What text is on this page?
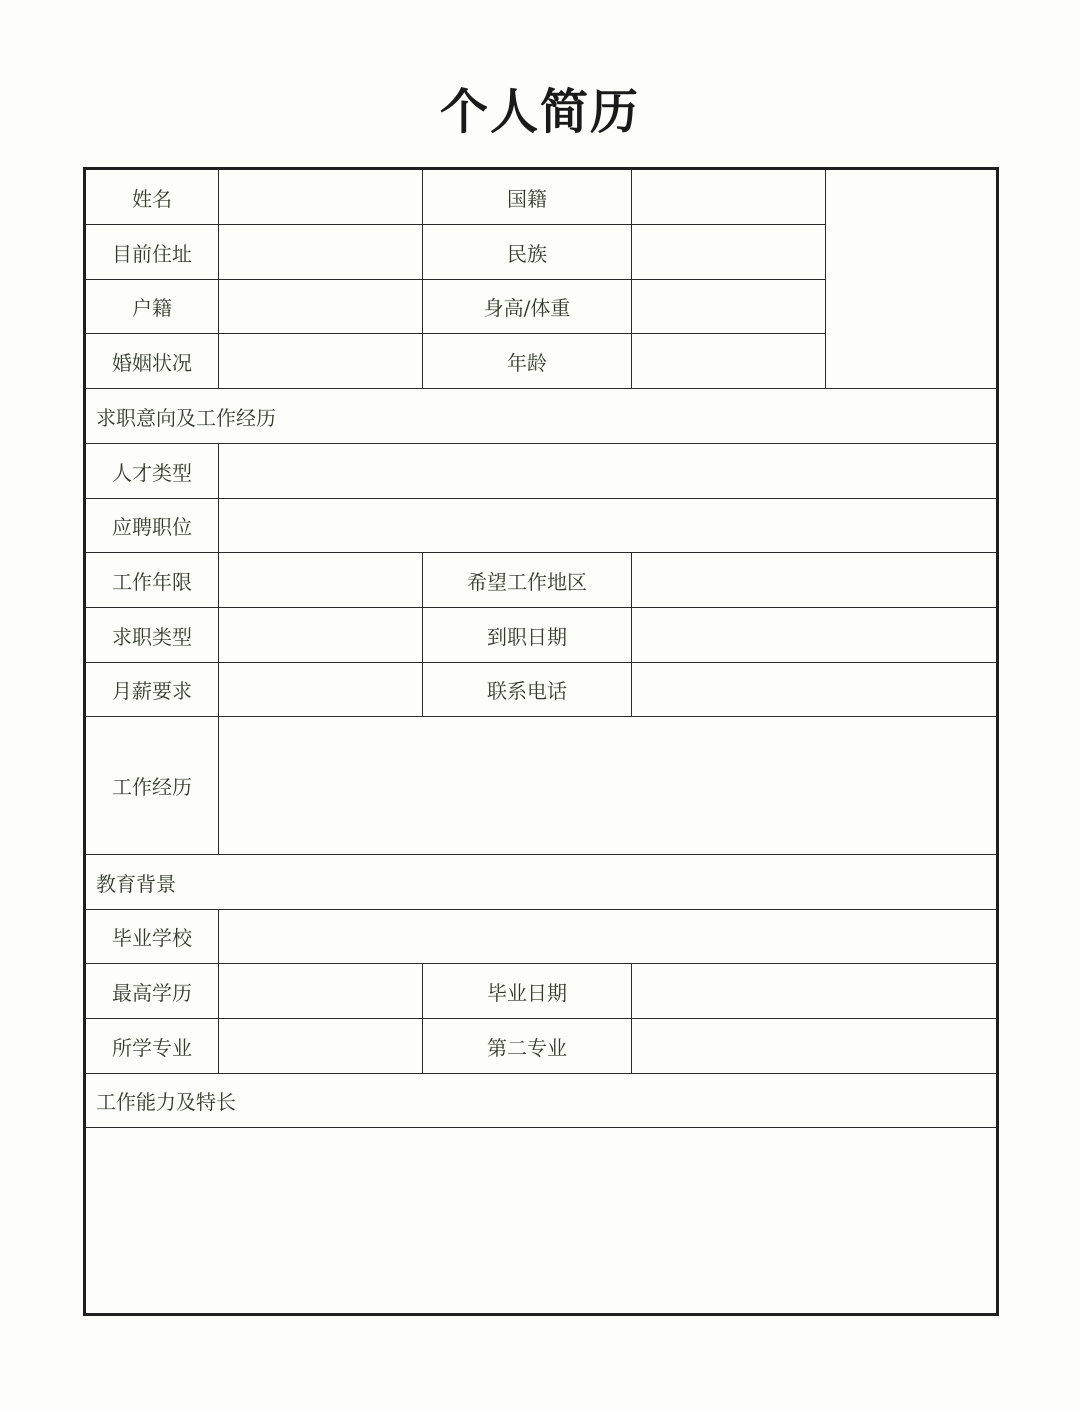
个人简历
姓名	国籍
目前住址	民族
户籍	身高/体重
婚姻状况	年龄
求职意向及工作经历
人才类型
应聘职位
工作年限	希望工作地区
求职类型	到职日期
月薪要求	联系电话
工作经历
教育背景
毕业学校
最高学历	毕业日期
所学专业	第二专业
工作能力及特长
